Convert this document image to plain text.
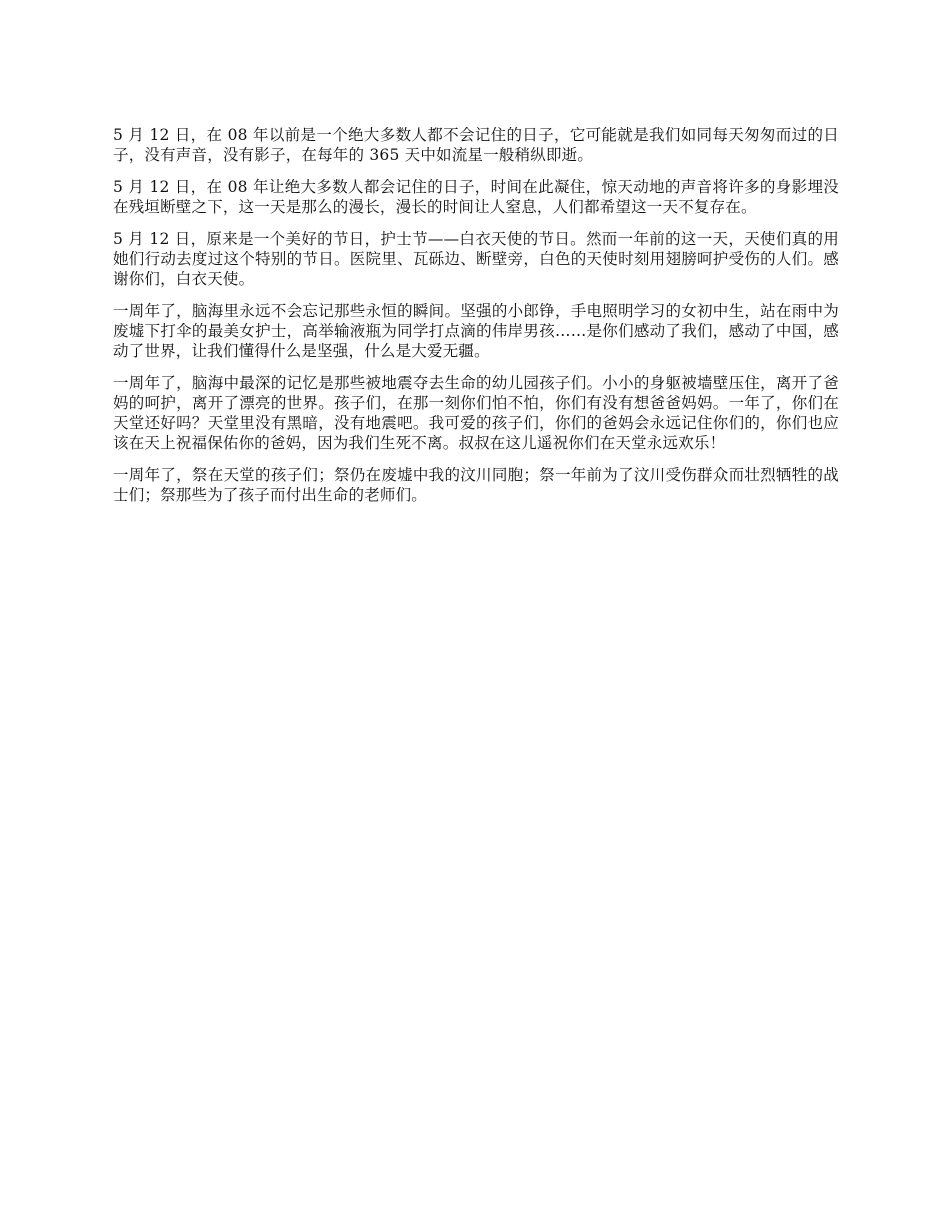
5 月 12 日，在 08 年以前是一个绝大多数人都不会记住的日子，它可能就是我们如同每天匆匆而过的日子，没有声音，没有影子，在每年的 365 天中如流星一般稍纵即逝。

5 月 12 日，在 08 年让绝大多数人都会记住的日子，时间在此凝住，惊天动地的声音将许多的身影埋没在残垣断壁之下，这一天是那么的漫长，漫长的时间让人窒息，人们都希望这一天不复存在。

5 月 12 日，原来是一个美好的节日，护士节——白衣天使的节日。然而一年前的这一天，天使们真的用她们行动去度过这个特别的节日。医院里、瓦砾边、断壁旁，白色的天使时刻用翅膀呵护受伤的人们。感谢你们，白衣天使。

一周年了，脑海里永远不会忘记那些永恒的瞬间。坚强的小郎铮，手电照明学习的女初中生，站在雨中为废墟下打伞的最美女护士，高举输液瓶为同学打点滴的伟岸男孩……是你们感动了我们，感动了中国，感动了世界，让我们懂得什么是坚强，什么是大爱无疆。

一周年了，脑海中最深的记忆是那些被地震夺去生命的幼儿园孩子们。小小的身躯被墙壁压住，离开了爸妈的呵护，离开了漂亮的世界。孩子们，在那一刻你们怕不怕，你们有没有想爸爸妈妈。一年了，你们在天堂还好吗？天堂里没有黑暗，没有地震吧。我可爱的孩子们，你们的爸妈会永远记住你们的，你们也应该在天上祝福保佑你的爸妈，因为我们生死不离。叔叔在这儿遥祝你们在天堂永远欢乐！

一周年了，祭在天堂的孩子们；祭仍在废墟中我的汶川同胞；祭一年前为了汶川受伤群众而壮烈牺牲的战士们；祭那些为了孩子而付出生命的老师们。
